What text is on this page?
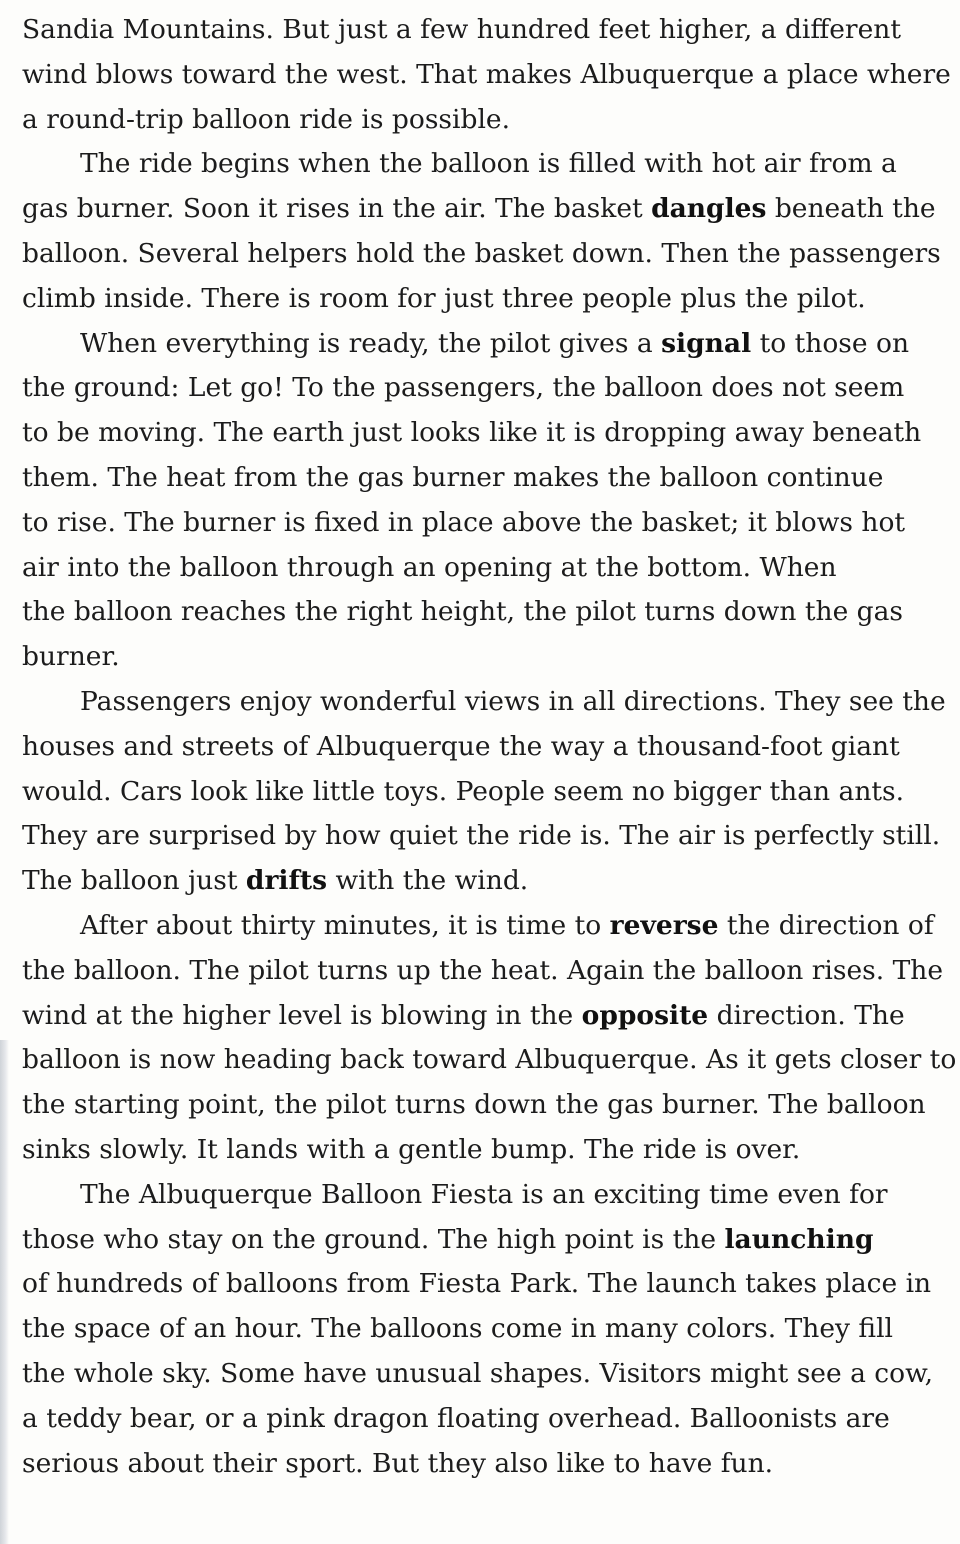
Sandia Mountains. But just a few hundred feet higher, a different
wind blows toward the west. That makes Albuquerque a place where
a round-trip balloon ride is possible.
The ride begins when the balloon is filled with hot air from a
gas burner. Soon it rises in the air. The basket dangles beneath the
balloon. Several helpers hold the basket down. Then the passengers
climb inside. There is room for just three people plus the pilot.
When everything is ready, the pilot gives a signal to those on
the ground: Let go! To the passengers, the balloon does not seem
to be moving. The earth just looks like it is dropping away beneath
them. The heat from the gas burner makes the balloon continue
to rise. The burner is fixed in place above the basket; it blows hot
air into the balloon through an opening at the bottom. When
the balloon reaches the right height, the pilot turns down the gas
burner.
Passengers enjoy wonderful views in all directions. They see the
houses and streets of Albuquerque the way a thousand-foot giant
would. Cars look like little toys. People seem no bigger than ants.
They are surprised by how quiet the ride is. The air is perfectly still.
The balloon just drifts with the wind.
After about thirty minutes, it is time to reverse the direction of
the balloon. The pilot turns up the heat. Again the balloon rises. The
wind at the higher level is blowing in the opposite direction. The
balloon is now heading back toward Albuquerque. As it gets closer to
the starting point, the pilot turns down the gas burner. The balloon
sinks slowly. It lands with a gentle bump. The ride is over.
The Albuquerque Balloon Fiesta is an exciting time even for
those who stay on the ground. The high point is the launching
of hundreds of balloons from Fiesta Park. The launch takes place in
the space of an hour. The balloons come in many colors. They fill
the whole sky. Some have unusual shapes. Visitors might see a cow,
a teddy bear, or a pink dragon floating overhead. Balloonists are
serious about their sport. But they also like to have fun.
